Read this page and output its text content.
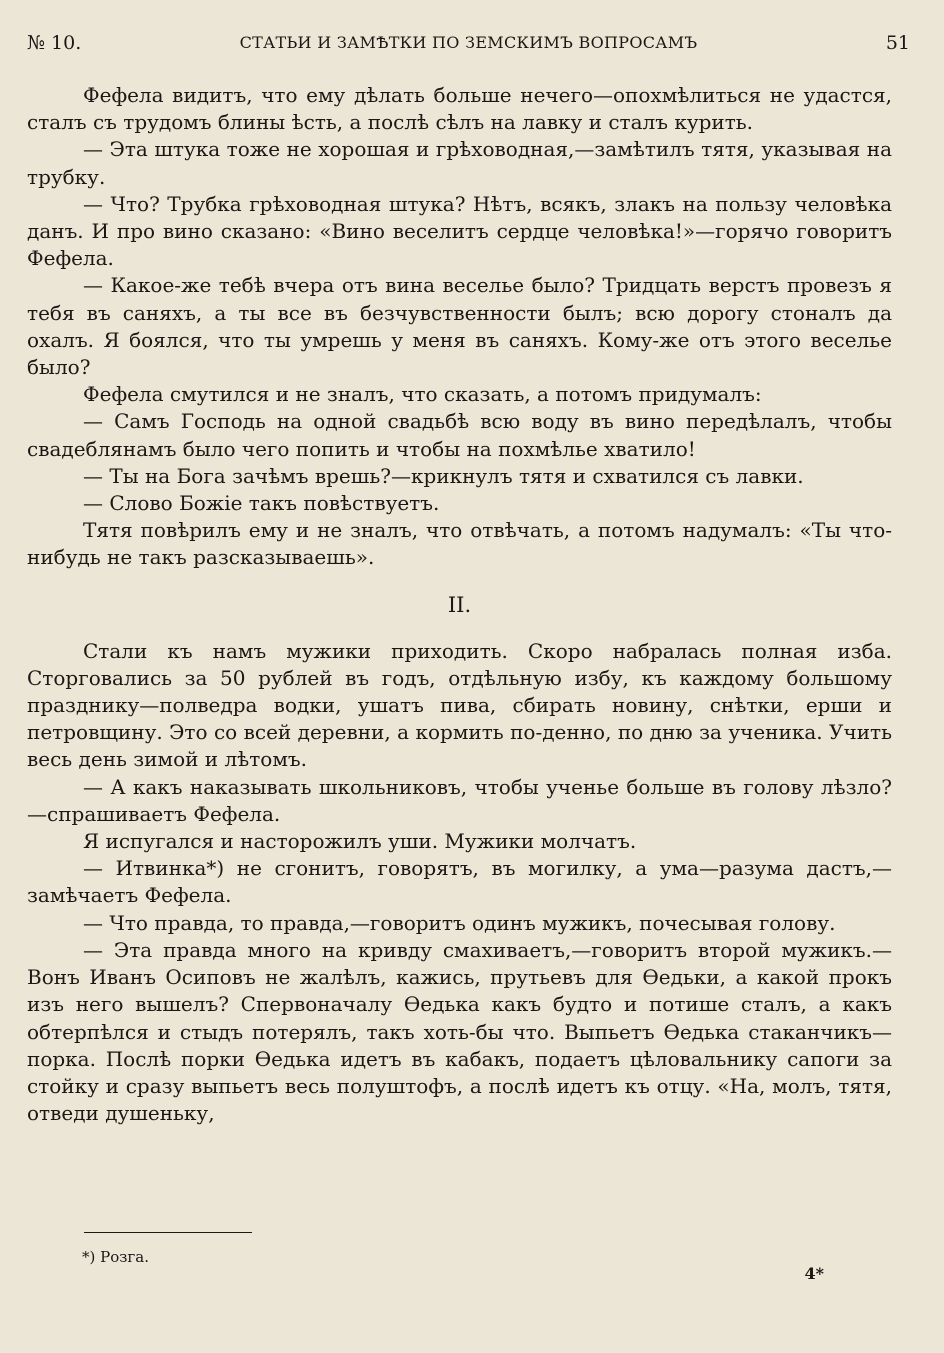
СТАТЬИ И ЗАМѢТКИ ПО ЗЕМСКИМЪ ВОПРОСАМЪ
№ 10.	51

Фефела видитъ, что ему дѣлать больше нечего—опохмѣлиться не удастся, сталъ съ трудомъ блины ѣсть, а послѣ сѣлъ на лавку и сталъ курить.

— Эта штука тоже не хорошая и грѣховодная,—замѣтилъ тятя, указывая на трубку.

— Что? Трубка грѣховодная штука? Нѣтъ, всякъ, злакъ на пользу человѣка данъ. И про вино сказано: «Вино веселитъ сердце человѣка!»—горячо говоритъ Фефела.

— Какое-же тебѣ вчера отъ вина веселье было? Тридцать верстъ провезъ я тебя въ саняхъ, а ты все въ безчувственности былъ; всю дорогу стоналъ да охалъ. Я боялся, что ты умрешь у меня въ саняхъ. Кому-же отъ этого веселье было?

Фефела смутился и не зналъ, что сказать, а потомъ придумалъ:

— Самъ Господь на одной свадьбѣ всю воду въ вино передѣлалъ, чтобы свадеблянамъ было чего попить и чтобы на похмѣлье хватило!

— Ты на Бога зачѣмъ врешь?—крикнулъ тятя и схватился съ лавки.

— Слово Божіе такъ повѣствуетъ.

Тятя повѣрилъ ему и не зналъ, что отвѣчать, а потомъ надумалъ: «Ты что-нибудь не такъ разсказываешь».

II.

Стали къ намъ мужики приходить. Скоро набралась полная изба. Сторговались за 50 рублей въ годъ, отдѣльную избу, къ каждому большому празднику—полведра водки, ушатъ пива, сбирать новину, снѣтки, ерши и петровщину. Это со всей деревни, а кормить по-денно, по дню за ученика. Учить весь день зимой и лѣтомъ.

— А какъ наказывать школьниковъ, чтобы ученье больше въ голову лѣзло?—спрашиваетъ Фефела.

Я испугался и насторожилъ уши. Мужики молчатъ.

— Итвинка*) не сгонитъ, говорятъ, въ могилку, а ума—разума дастъ,—замѣчаетъ Фефела.

— Что правда, то правда,—говоритъ одинъ мужикъ, почесывая голову.

— Эта правда много на кривду смахиваетъ,—говоритъ второй мужикъ.—Вонъ Иванъ Осиповъ не жалѣлъ, кажись, прутьевъ для Ѳедьки, а какой прокъ изъ него вышелъ? Спервоначалу Ѳедька какъ будто и потише сталъ, а какъ обтерпѣлся и стыдъ потерялъ, такъ хоть-бы что. Выпьетъ Ѳедька стаканчикъ—порка. Послѣ порки Ѳедька идетъ въ кабакъ, подаетъ цѣловальнику сапоги за стойку и сразу выпьетъ весь полуштофъ, а послѣ идетъ къ отцу. «На, молъ, тятя, отведи душеньку,

*) Розга.
4*
